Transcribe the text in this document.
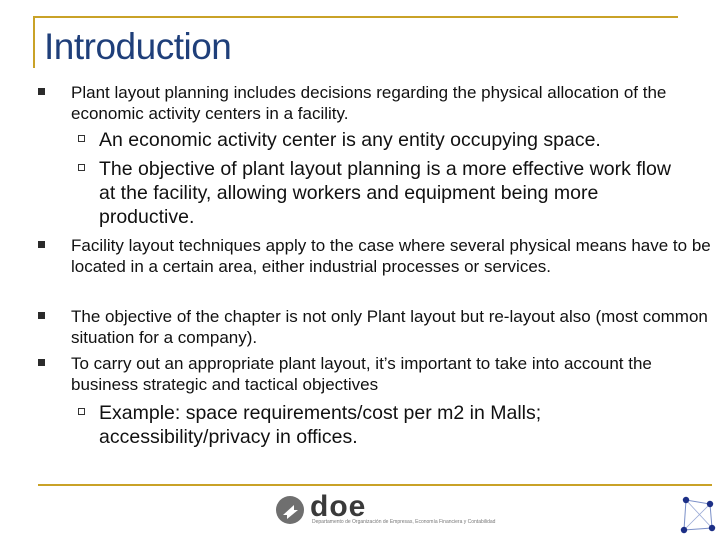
Introduction
Plant layout planning includes decisions regarding the physical allocation of the economic activity centers in a facility.
An economic activity center is any entity occupying space.
The objective of plant layout planning is a more effective work flow at the facility, allowing workers and equipment being more productive.
Facility layout techniques apply to the case where several physical means have to be located in a certain area, either industrial processes or services.
The objective of the chapter is not only Plant layout but re-layout also (most common situation for a company).
To carry out an appropriate plant layout, it’s important to take into account the business strategic and tactical objectives
Example: space requirements/cost per m2 in Malls; accessibility/privacy in offices.
doe
Departamento de Organización de Empresas, Economía Financiera y Contabilidad
